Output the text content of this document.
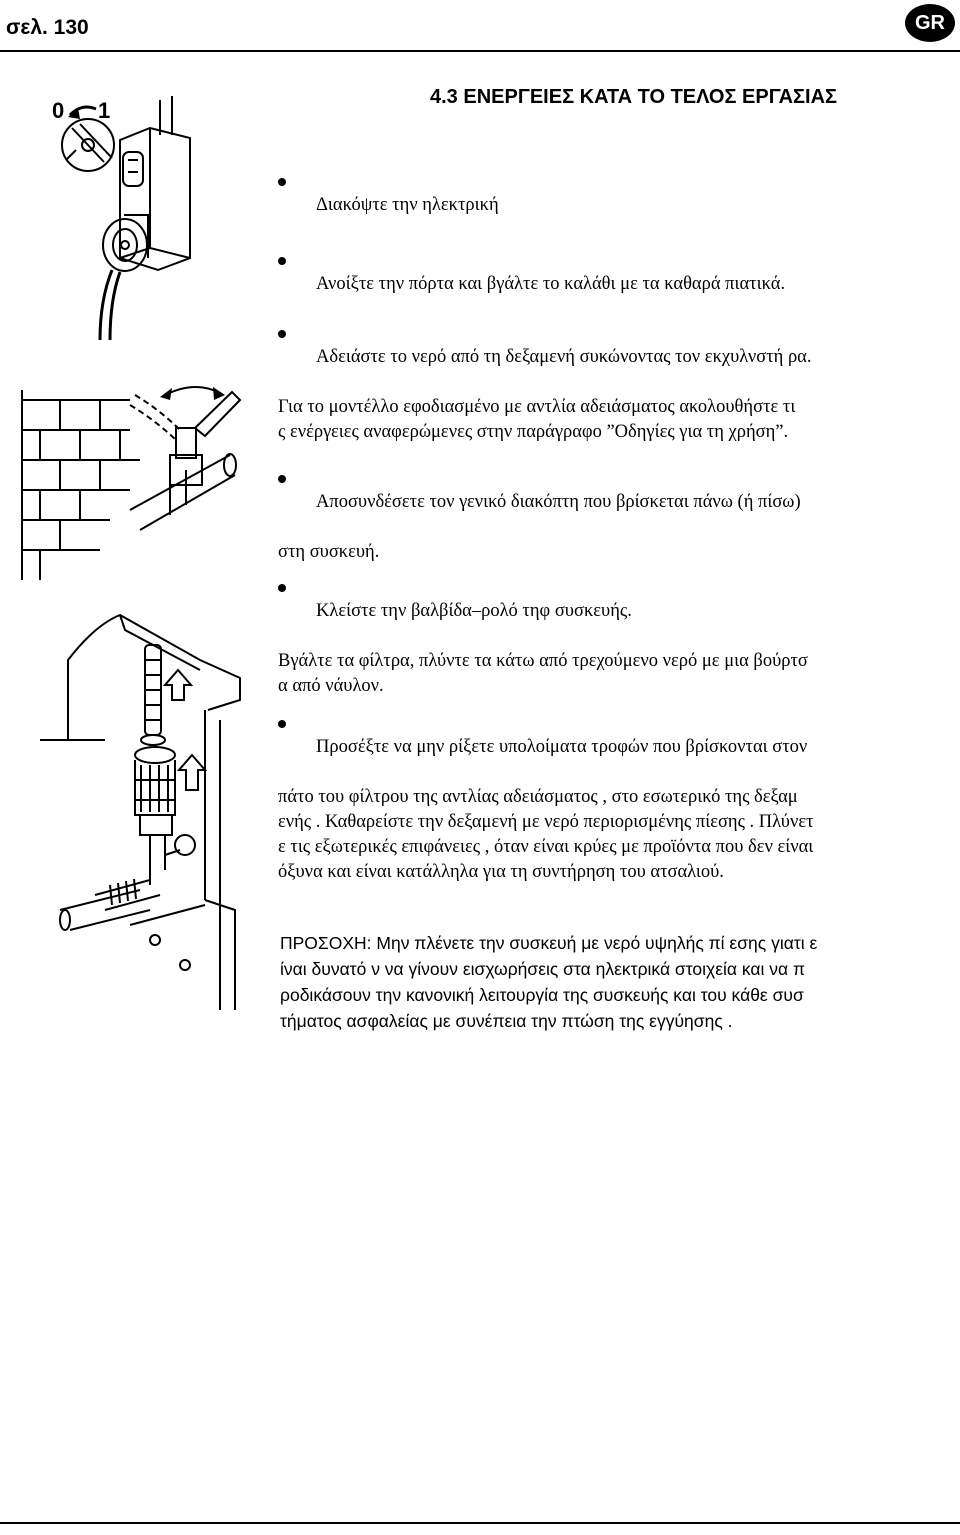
σελ. 130	GR
4.3 ΕΝΕΡΓΕΙΕΣ ΚΑΤΑ ΤΟ ΤΕΛΟΣ ΕΡΓΑΣΙΑΣ

Διακόψτε την ηλεκτρική

Ανοίξτε την πόρτα και βγάλτε το καλάθι με τα καθαρά πιατικά.

Αδειάστε το νερό από τη δεξαμενή συκώνοντας τον εκχυλνστή ρα.

Για το μοντέλλο εφοδιασμένο με αντλία αδειάσματος ακολουθήστε τι
ς ενέργειες αναφερώμενες στην παράγραφο ”Οδηγίες για τη χρήση”.

Αποσυνδέσετε τον γενικό διακόπτη που βρίσκεται πάνω (ή πίσω)

στη συσκευή.

Κλείστε την βαλβίδα–ρολό τηφ συσκευής.

Βγάλτε τα φίλτρα, πλύντε τα κάτω από τρεχούμενο νερό με μια βούρτσ
α από νάυλον.

Προσέξτε να μην ρίξετε υπολοίματα τροφών που βρίσκονται στον

πάτο του φίλτρου της αντλίας αδειάσματος , στο εσωτερικό της δεξαμ
ενής . Καθαρείστε την δεξαμενή με νερό περιορισμένης πίεσης . Πλύνετ
ε τις εξωτερικές επιφάνειες , όταν είναι κρύες με προϊόντα που δεν είναι
όξυνα και είναι κατάλληλα για τη συντήρηση του ατσαλιού.

ΠΡΟΣΟΧΗ: Μην πλένετε την συσκευή με νερό υψηλής πί εσης γιατι ε
ίναι δυνατό ν να γίνουν εισχωρήσεις στα ηλεκτρικά στοιχεία και να π
ροδικάσουν την κανονική λειτουργία της συσκευής και του κάθε συσ
τήματος ασφαλείας με συνέπεια την πτώση της εγγύησης .
0 1
